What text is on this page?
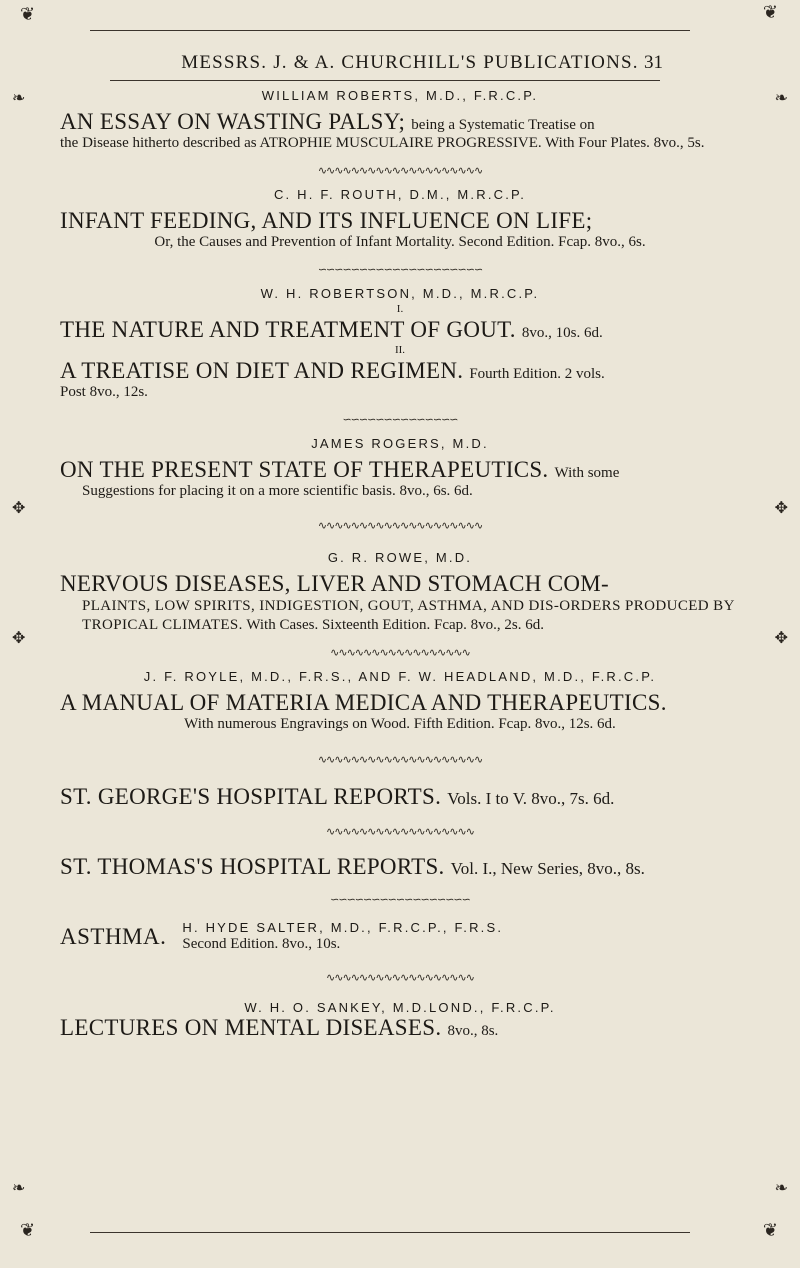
❦	❦
MESSRS. J. & A. CHURCHILL'S PUBLICATIONS. 31
❧	❧
✥	✥
✥	✥
❧	❧

WILLIAM ROBERTS, M.D., F.R.C.P.

AN ESSAY ON WASTING PALSY; being a Systematic Treatise on

the Disease hitherto described as ATROPHIE MUSCULAIRE PROGRESSIVE. With Four Plates. 8vo., 5s.

∿∿∿∿∿∿∿∿∿∿∿∿∿∿∿∿∿∿∿∿

C. H. F. ROUTH, D.M., M.R.C.P.

INFANT FEEDING, AND ITS INFLUENCE ON LIFE;

Or, the Causes and Prevention of Infant Mortality. Second Edition. Fcap. 8vo., 6s.

∽∽∽∽∽∽∽∽∽∽∽∽∽∽∽∽∽∽∽∽

W. H. ROBERTSON, M.D., M.R.C.P.

I.

THE NATURE AND TREATMENT OF GOUT. 8vo., 10s. 6d.

II.

A TREATISE ON DIET AND REGIMEN. Fourth Edition. 2 vols.

Post 8vo., 12s.

∽∽∽∽∽∽∽∽∽∽∽∽∽∽

JAMES ROGERS, M.D.

ON THE PRESENT STATE OF THERAPEUTICS. With some

Suggestions for placing it on a more scientific basis. 8vo., 6s. 6d.

∿∿∿∿∿∿∿∿∿∿∿∿∿∿∿∿∿∿∿∿

G. R. ROWE, M.D.

NERVOUS DISEASES, LIVER AND STOMACH COM-

PLAINTS, LOW SPIRITS, INDIGESTION, GOUT, ASTHMA, AND DIS-ORDERS PRODUCED BY TROPICAL CLIMATES. With Cases. Sixteenth Edition. Fcap. 8vo., 2s. 6d.

∿∿∿∿∿∿∿∿∿∿∿∿∿∿∿∿∿

J. F. ROYLE, M.D., F.R.S., AND F. W. HEADLAND, M.D., F.R.C.P.

A MANUAL OF MATERIA MEDICA AND THERAPEUTICS.

With numerous Engravings on Wood. Fifth Edition. Fcap. 8vo., 12s. 6d.

∿∿∿∿∿∿∿∿∿∿∿∿∿∿∿∿∿∿∿∿

ST. GEORGE'S HOSPITAL REPORTS. Vols. I to V. 8vo., 7s. 6d.

∿∿∿∿∿∿∿∿∿∿∿∿∿∿∿∿∿∿

ST. THOMAS'S HOSPITAL REPORTS. Vol. I., New Series, 8vo., 8s.

∽∽∽∽∽∽∽∽∽∽∽∽∽∽∽∽∽
ASTHMA. H. HYDE SALTER, M.D., F.R.C.P., F.R.S.

Second Edition. 8vo., 10s.

∿∿∿∿∿∿∿∿∿∿∿∿∿∿∿∿∿∿

W. H. O. SANKEY, M.D.LOND., F.R.C.P.

LECTURES ON MENTAL DISEASES. 8vo., 8s.

❦	❦
